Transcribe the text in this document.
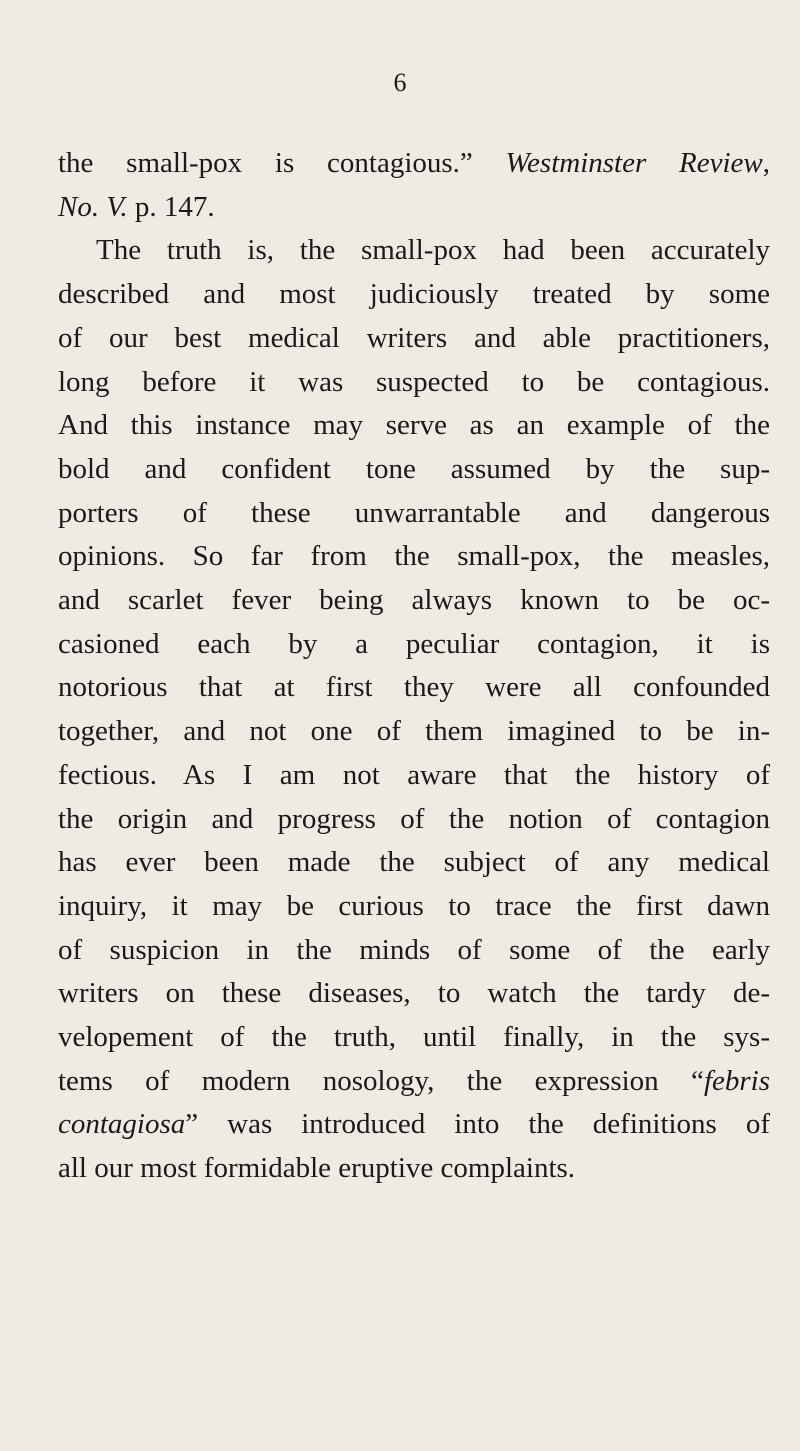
6
the small-pox is contagious.” Westminster Review,
No. V. p. 147.
The truth is, the small-pox had been accurately
described and most judiciously treated by some
of our best medical writers and able practitioners,
long before it was suspected to be contagious.
And this instance may serve as an example of the
bold and confident tone assumed by the sup-
porters of these unwarrantable and dangerous
opinions. So far from the small-pox, the measles,
and scarlet fever being always known to be oc-
casioned each by a peculiar contagion, it is
notorious that at first they were all confounded
together, and not one of them imagined to be in-
fectious. As I am not aware that the history of
the origin and progress of the notion of contagion
has ever been made the subject of any medical
inquiry, it may be curious to trace the first dawn
of suspicion in the minds of some of the early
writers on these diseases, to watch the tardy de-
velopement of the truth, until finally, in the sys-
tems of modern nosology, the expression “febris
contagiosa” was introduced into the definitions of
all our most formidable eruptive complaints.
